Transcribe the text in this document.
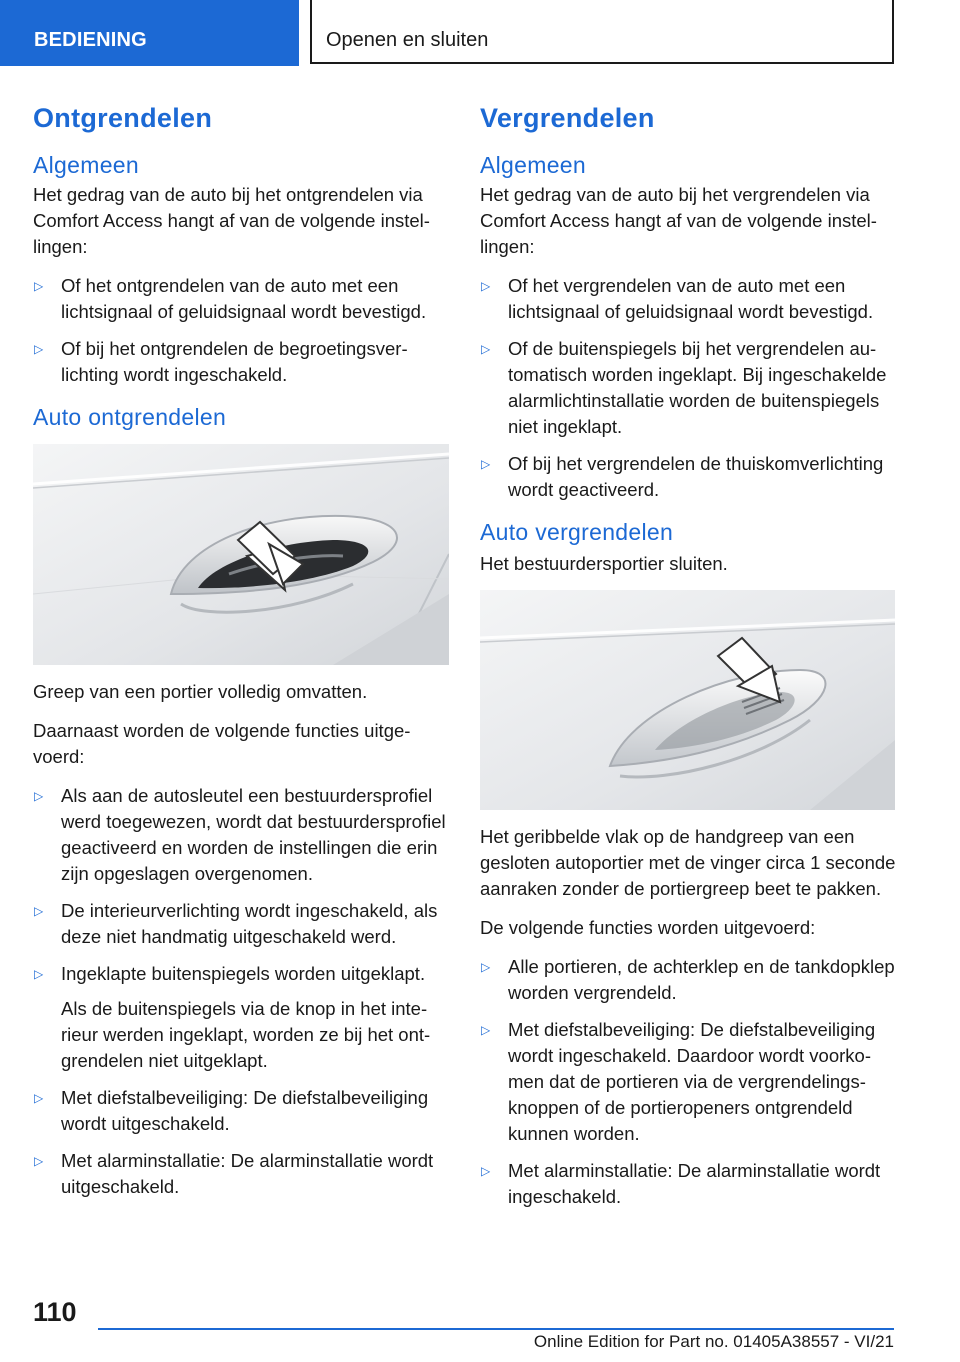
BEDIENING	Openen en sluiten
Ontgrendelen
Algemeen

Het gedrag van de auto bij het ontgrendelen via Comfort Access hangt af van de volgende instellingen:

▷ Of het ontgrendelen van de auto met een lichtsignaal of geluidsignaal wordt bevestigd.
▷ Of bij het ontgrendelen de begroetingsverlichting wordt ingeschakeld.
Auto ontgrendelen

Greep van een portier volledig omvatten.

Daarnaast worden de volgende functies uitgevoerd:

▷ Als aan de autosleutel een bestuurdersprofiel werd toegewezen, wordt dat bestuurdersprofiel geactiveerd en worden de instellingen die erin zijn opgeslagen overgenomen.
▷ De interieurverlichting wordt ingeschakeld, als deze niet handmatig uitgeschakeld werd.
▷ Ingeklapte buitenspiegels worden uitgeklapt.
Als de buitenspiegels via de knop in het interieur werden ingeklapt, worden ze bij het ontgrendelen niet uitgeklapt.
▷ Met diefstalbeveiliging: De diefstalbeveiliging wordt uitgeschakeld.
▷ Met alarminstallatie: De alarminstallatie wordt uitgeschakeld.
Vergrendelen
Algemeen

Het gedrag van de auto bij het vergrendelen via Comfort Access hangt af van de volgende instellingen:

▷ Of het vergrendelen van de auto met een lichtsignaal of geluidsignaal wordt bevestigd.
▷ Of de buitenspiegels bij het vergrendelen automatisch worden ingeklapt. Bij ingeschakelde alarmlichtinstallatie worden de buitenspiegels niet ingeklapt.
▷ Of bij het vergrendelen de thuiskomverlichting wordt geactiveerd.
Auto vergrendelen

Het bestuurdersportier sluiten.

Het geribbelde vlak op de handgreep van een gesloten autoportier met de vinger circa 1 seconde aanraken zonder de portiergreep beet te pakken.

De volgende functies worden uitgevoerd:

▷ Alle portieren, de achterklep en de tankdopklep worden vergrendeld.
▷ Met diefstalbeveiliging: De diefstalbeveiliging wordt ingeschakeld. Daardoor wordt voorkomen dat de portieren via de vergrendelingsknoppen of de portieropeners ontgrendeld kunnen worden.
▷ Met alarminstallatie: De alarminstallatie wordt ingeschakeld.
110
Online Edition for Part no. 01405A38557 - VI/21
